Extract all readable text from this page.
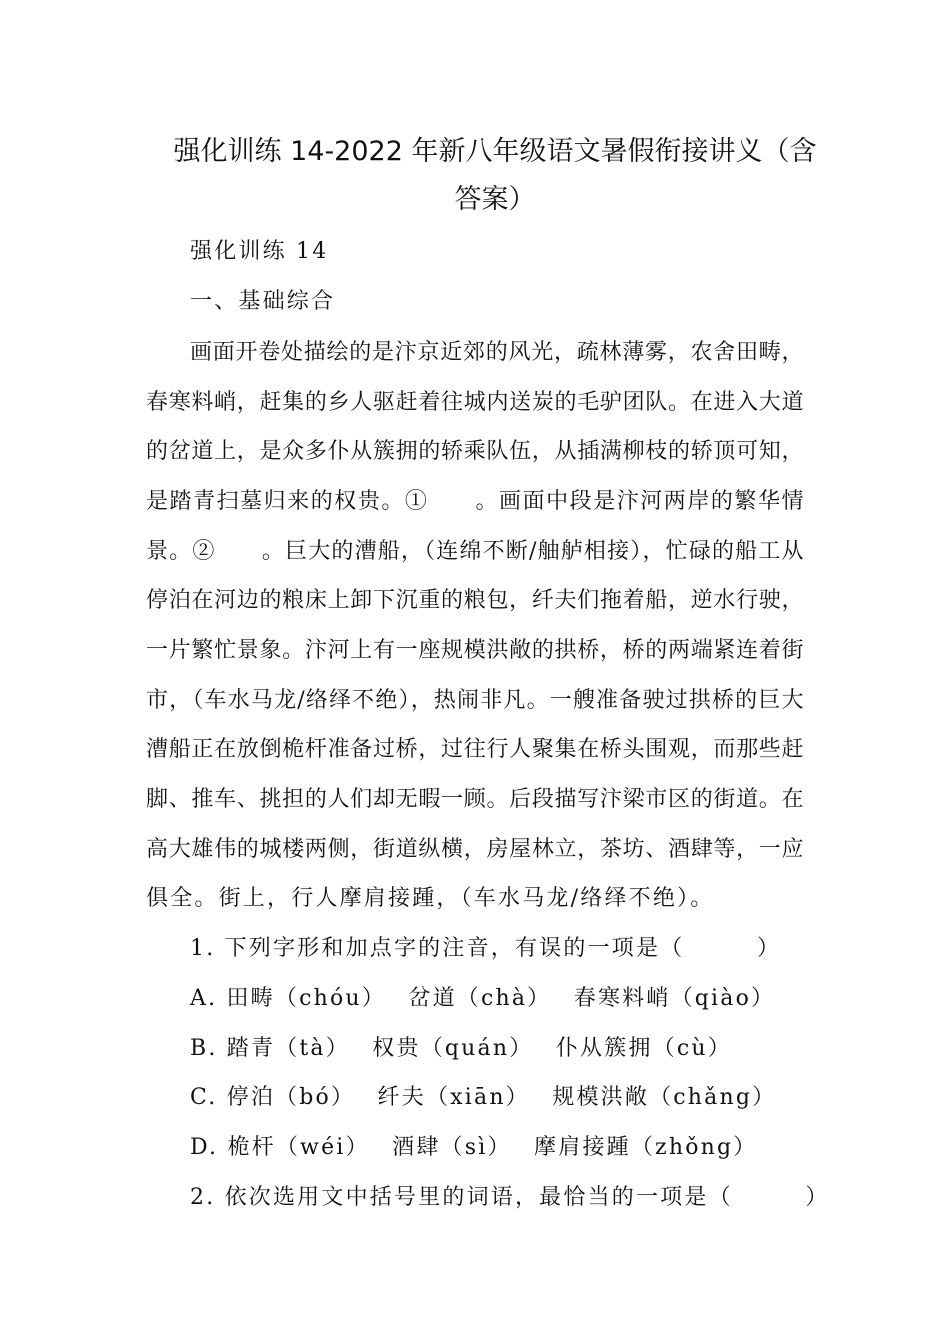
强化训练 14-2022 年新八年级语文暑假衔接讲义（含
答案）
强化训练 14
一、基础综合
画面开卷处描绘的是汴京近郊的风光，疏林薄雾，农舍田畴，
春寒料峭，赶集的乡人驱赶着往城内送炭的毛驴团队。在进入大道
的岔道上，是众多仆从簇拥的轿乘队伍，从插满柳枝的轿顶可知，
是踏青扫墓归来的权贵。①　　。画面中段是汴河两岸的繁华情
景。②　　。巨大的漕船，（连绵不断/舳舻相接），忙碌的船工从
停泊在河边的粮床上卸下沉重的粮包，纤夫们拖着船，逆水行驶，
一片繁忙景象。汴河上有一座规模洪敞的拱桥，桥的两端紧连着街
市，（车水马龙/络绎不绝），热闹非凡。一艘准备驶过拱桥的巨大
漕船正在放倒桅杆准备过桥，过往行人聚集在桥头围观，而那些赶
脚、推车、挑担的人们却无暇一顾。后段描写汴梁市区的街道。在
高大雄伟的城楼两侧，街道纵横，房屋林立，茶坊、酒肆等，一应
俱全。街上，行人摩肩接踵，（车水马龙/络绎不绝）。
1. 下列字形和加点字的注音，有误的一项是（　　　）
A. 田畴（chóu）　 岔道（chà）　 春寒料峭（qiào）
B. 踏青（tà）　 权贵（quán）　 仆从簇拥（cù）
C. 停泊（bó）　 纤夫（xiān）　 规模洪敞（chǎng）
D. 桅杆（wéi）　 酒肆（sì）　 摩肩接踵（zhǒng）
2. 依次选用文中括号里的词语，最恰当的一项是（　　　）
